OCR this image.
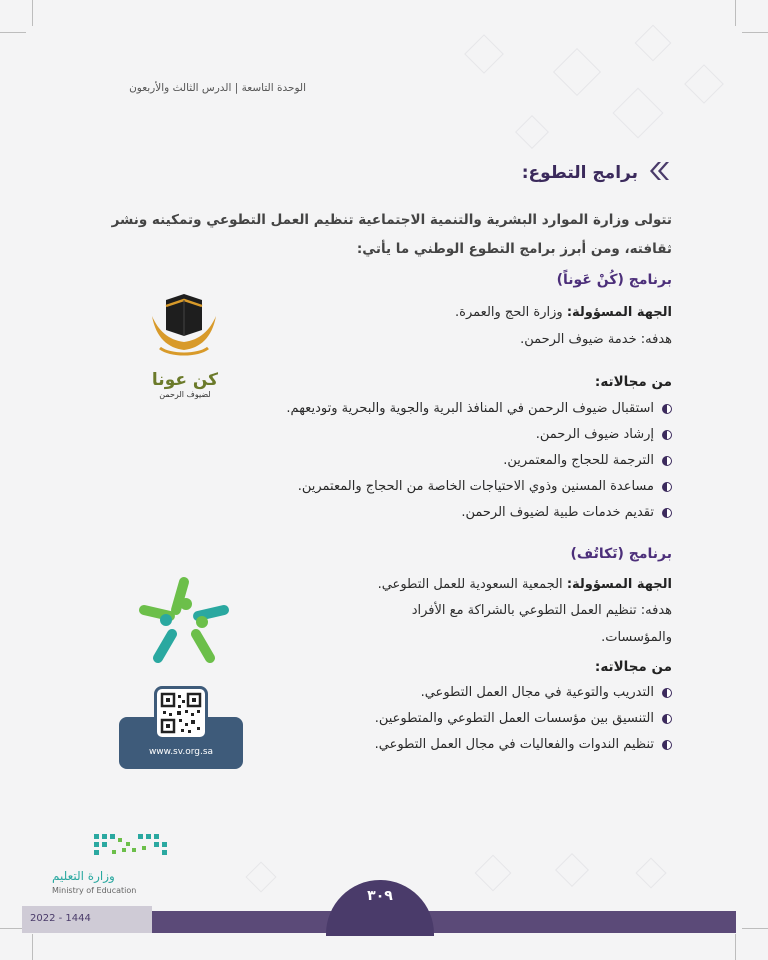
الوحدة التاسعة | الدرس الثالث والأربعون
برامج التطوع:
تتولى وزارة الموارد البشرية والتنمية الاجتماعية تنظيم العمل التطوعي وتمكينه ونشر
ثقافته، ومن أبرز برامج التطوع الوطني ما يأتي:
برنامج (كُنْ عَوناً)
الجهة المسؤولة: وزارة الحج والعمرة.
هدفه: خدمة ضيوف الرحمن.
كن عونا
لضيوف الرحمن
من مجالاته:
استقبال ضيوف الرحمن في المنافذ البرية والجوية والبحرية وتوديعهم.
إرشاد ضيوف الرحمن.
الترجمة للحجاج والمعتمرين.
مساعدة المسنين وذوي الاحتياجات الخاصة من الحجاج والمعتمرين.
تقديم خدمات طبية لضيوف الرحمن.
برنامج (تَكاتُف)
الجهة المسؤولة: الجمعية السعودية للعمل التطوعي.
هدفه: تنظيم العمل التطوعي بالشراكة مع الأفراد
والمؤسسات.
من مجالاته:
التدريب والتوعية في مجال العمل التطوعي.
التنسيق بين مؤسسات العمل التطوعي والمتطوعين.
تنظيم الندوات والفعاليات في مجال العمل التطوعي.
www.sv.org.sa
وزارة التعليم
Ministry of Education
2022 - 1444
٣٠٩
